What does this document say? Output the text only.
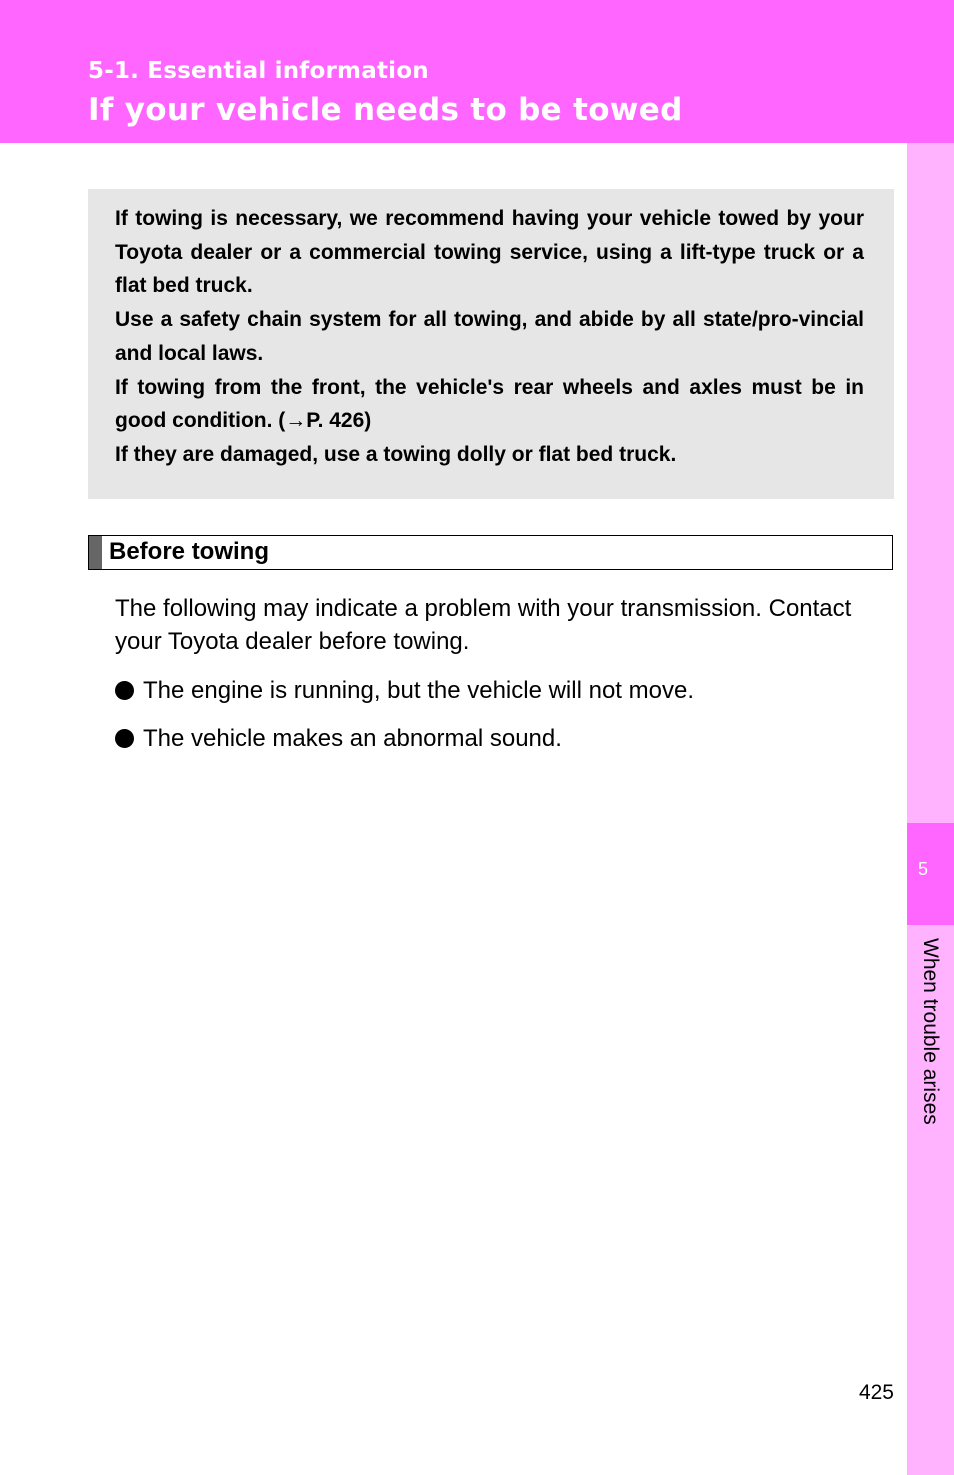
5-1. Essential information
If your vehicle needs to be towed
5
When trouble arises

If towing is necessary, we recommend having your vehicle towed by your Toyota dealer or a commercial towing service, using a lift-type truck or a flat bed truck.

Use a safety chain system for all towing, and abide by all state/pro-vincial and local laws.

If towing from the front, the vehicle's rear wheels and axles must be in good condition. (→P. 426)

If they are damaged, use a towing dolly or flat bed truck.

Before towing

The following may indicate a problem with your transmission. Contact your Toyota dealer before towing.

The engine is running, but the vehicle will not move.
The vehicle makes an abnormal sound.
425
